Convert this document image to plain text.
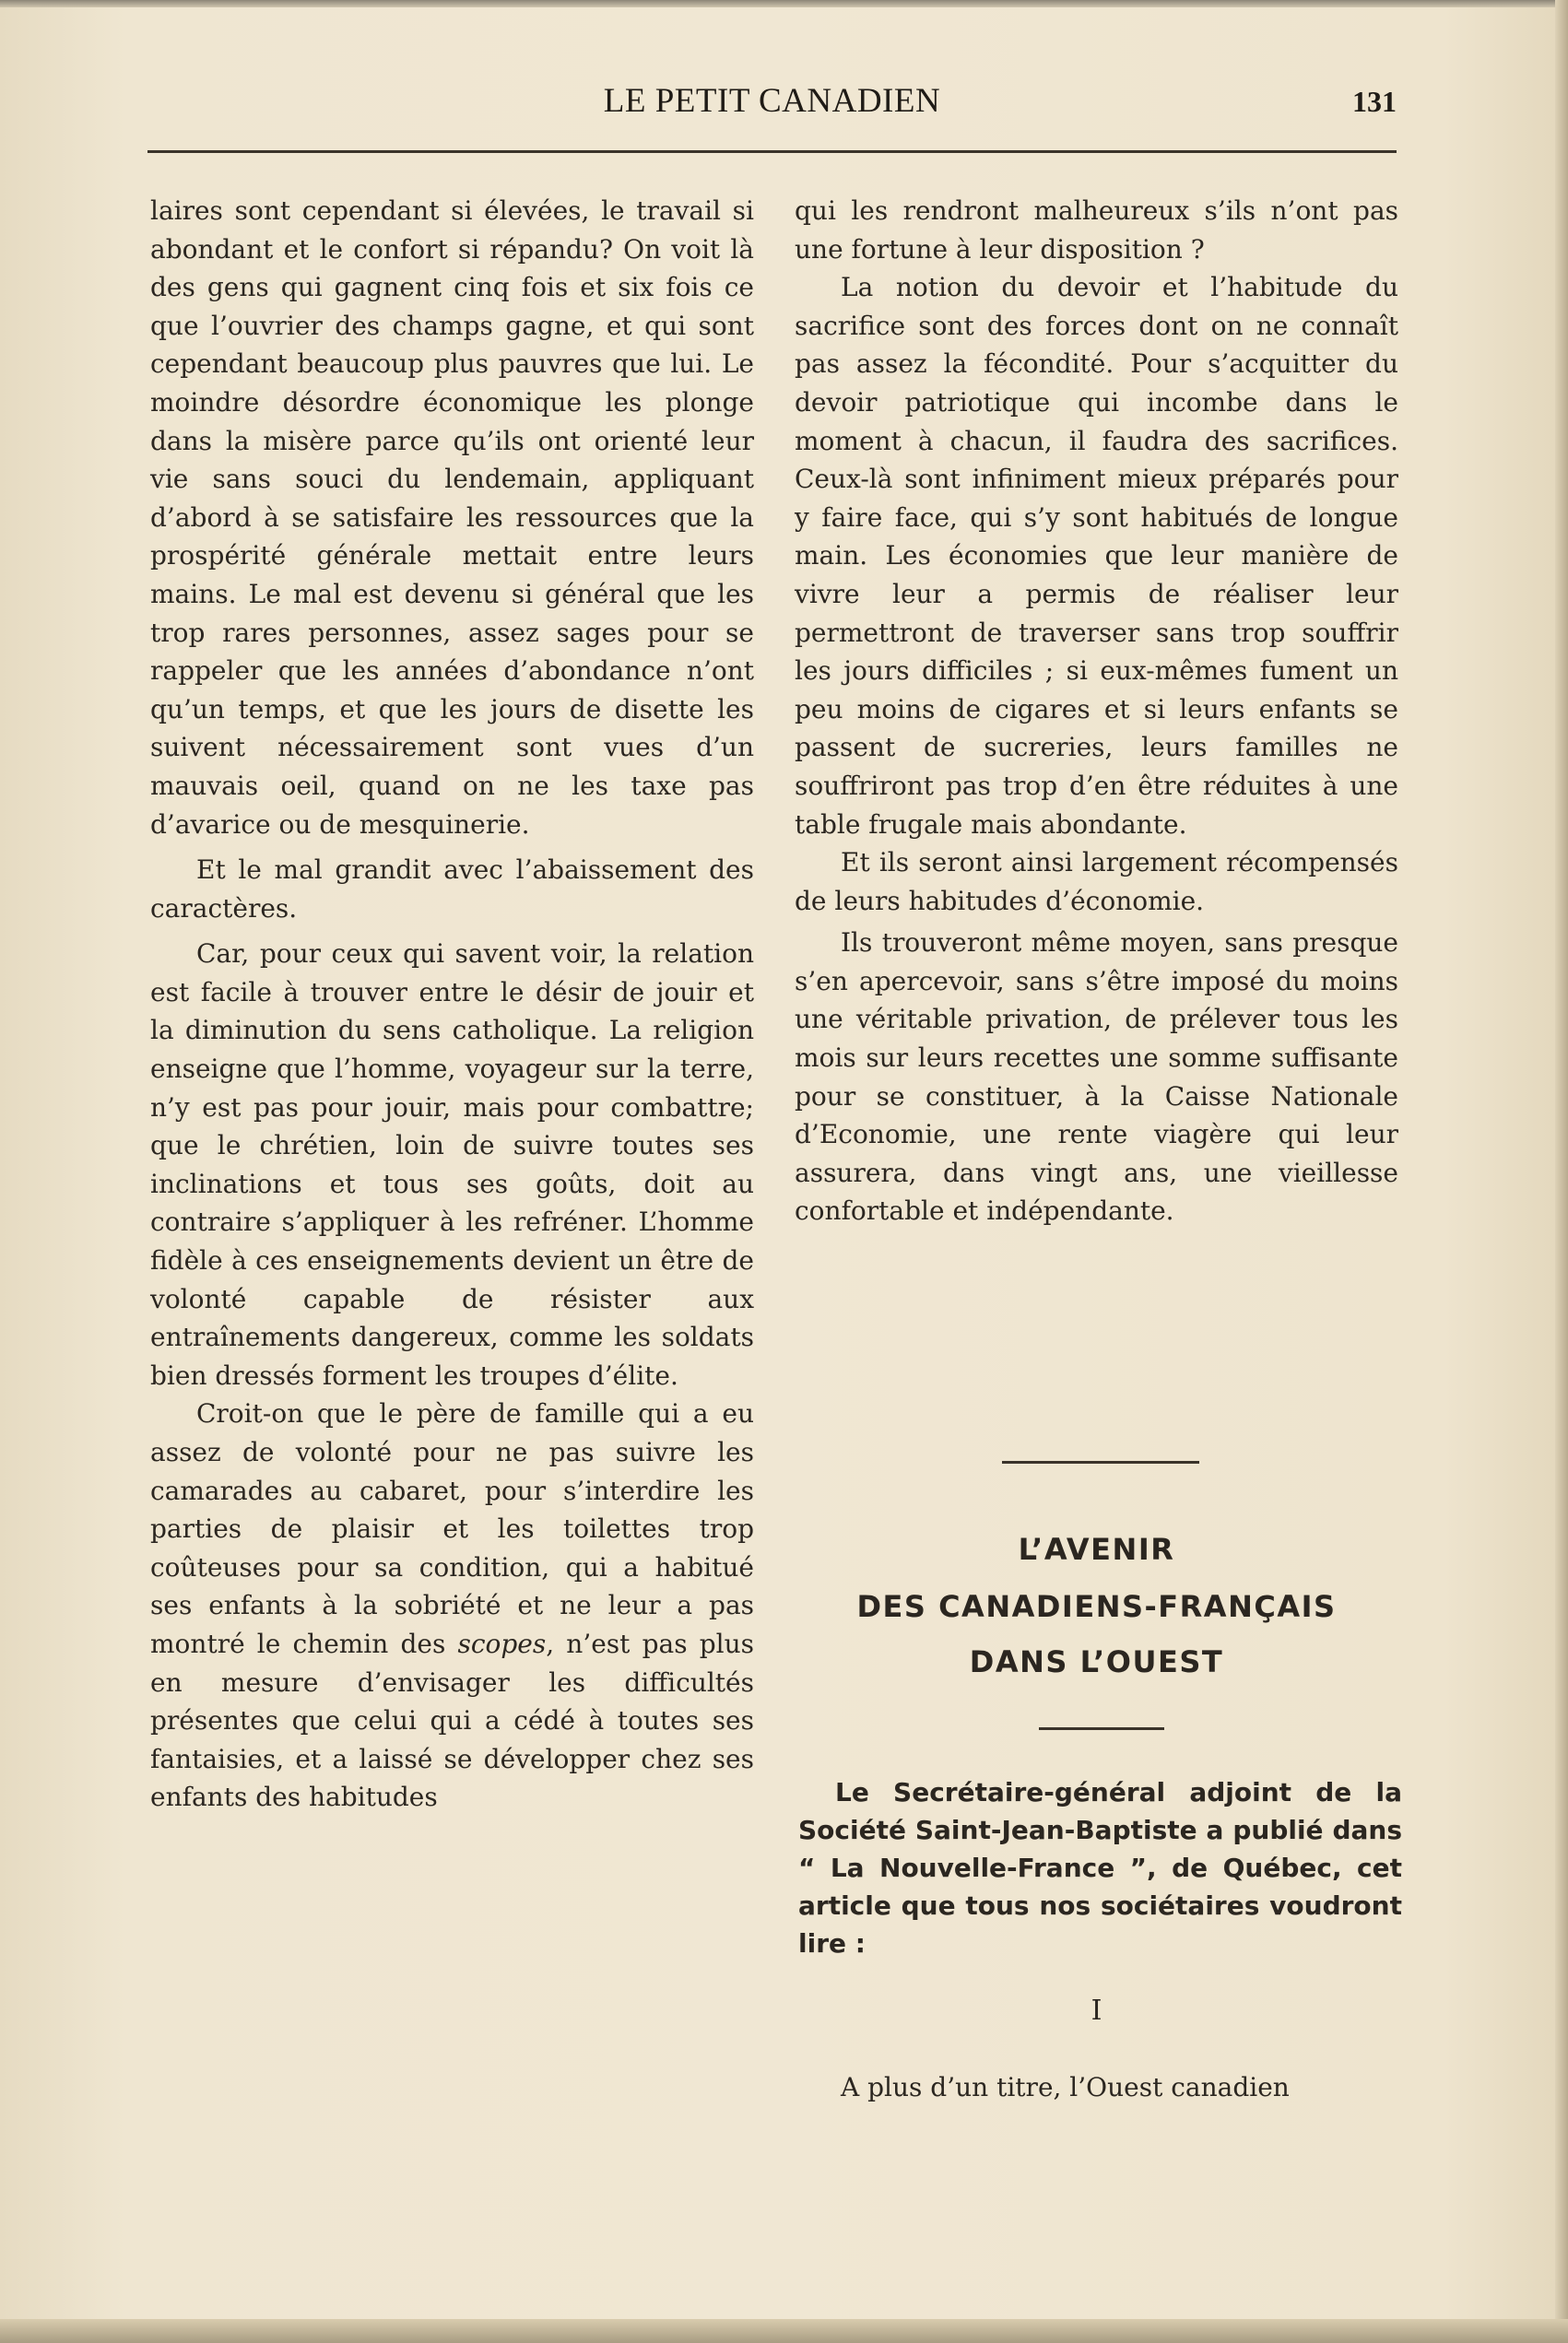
LE PETIT CANADIEN	131

laires sont cependant si élevées, le travail si abondant et le confort si répandu? On voit là des gens qui gagnent cinq fois et six fois ce que l’ouvrier des champs gagne, et qui sont cependant beaucoup plus pauvres que lui. Le moindre désordre économique les plonge dans la misère parce qu’ils ont orienté leur vie sans souci du lendemain, appliquant d’abord à se satisfaire les ressources que la prospérité générale mettait entre leurs mains. Le mal est devenu si général que les trop rares personnes, assez sages pour se rappeler que les années d’abondance n’ont qu’un temps, et que les jours de disette les suivent nécessairement sont vues d’un mauvais oeil, quand on ne les taxe pas d’avarice ou de mesquinerie.

Et le mal grandit avec l’abaissement des caractères.

Car, pour ceux qui savent voir, la relation est facile à trouver entre le désir de jouir et la diminution du sens catholique. La religion enseigne que l’homme, voyageur sur la terre, n’y est pas pour jouir, mais pour combattre; que le chrétien, loin de suivre toutes ses inclinations et tous ses goûts, doit au contraire s’appliquer à les refréner. L’homme fidèle à ces enseignements devient un être de volonté capable de résister aux entraînements dangereux, comme les soldats bien dressés forment les troupes d’élite.

Croit-on que le père de famille qui a eu assez de volonté pour ne pas suivre les camarades au cabaret, pour s’interdire les parties de plaisir et les toilettes trop coûteuses pour sa condition, qui a habitué ses enfants à la sobriété et ne leur a pas montré le chemin des scopes, n’est pas plus en mesure d’envisager les difficultés présentes que celui qui a cédé à toutes ses fantaisies, et a laissé se développer chez ses enfants des habitudes

qui les rendront malheureux s’ils n’ont pas une fortune à leur disposition ?

La notion du devoir et l’habitude du sacrifice sont des forces dont on ne connaît pas assez la fécondité. Pour s’acquitter du devoir patriotique qui incombe dans le moment à chacun, il faudra des sacrifices. Ceux-là sont infiniment mieux préparés pour y faire face, qui s’y sont habitués de longue main. Les économies que leur manière de vivre leur a permis de réaliser leur permettront de traverser sans trop souffrir les jours difficiles ; si eux-mêmes fument un peu moins de cigares et si leurs enfants se passent de sucreries, leurs familles ne souffriront pas trop d’en être réduites à une table frugale mais abondante.

Et ils seront ainsi largement récompensés de leurs habitudes d’économie.

Ils trouveront même moyen, sans presque s’en apercevoir, sans s’être imposé du moins une véritable privation, de prélever tous les mois sur leurs recettes une somme suffisante pour se constituer, à la Caisse Nationale d’Economie, une rente viagère qui leur assurera, dans vingt ans, une vieillesse confortable et indépendante.

L’AVENIR
DES CANADIENS-FRANÇAIS
DANS L’OUEST

Le Secrétaire-général adjoint de la Société Saint-Jean-Baptiste a publié dans “ La Nouvelle-France ”, de Québec, cet article que tous nos sociétaires voudront lire :

I
A plus d’un titre, l’Ouest canadien
